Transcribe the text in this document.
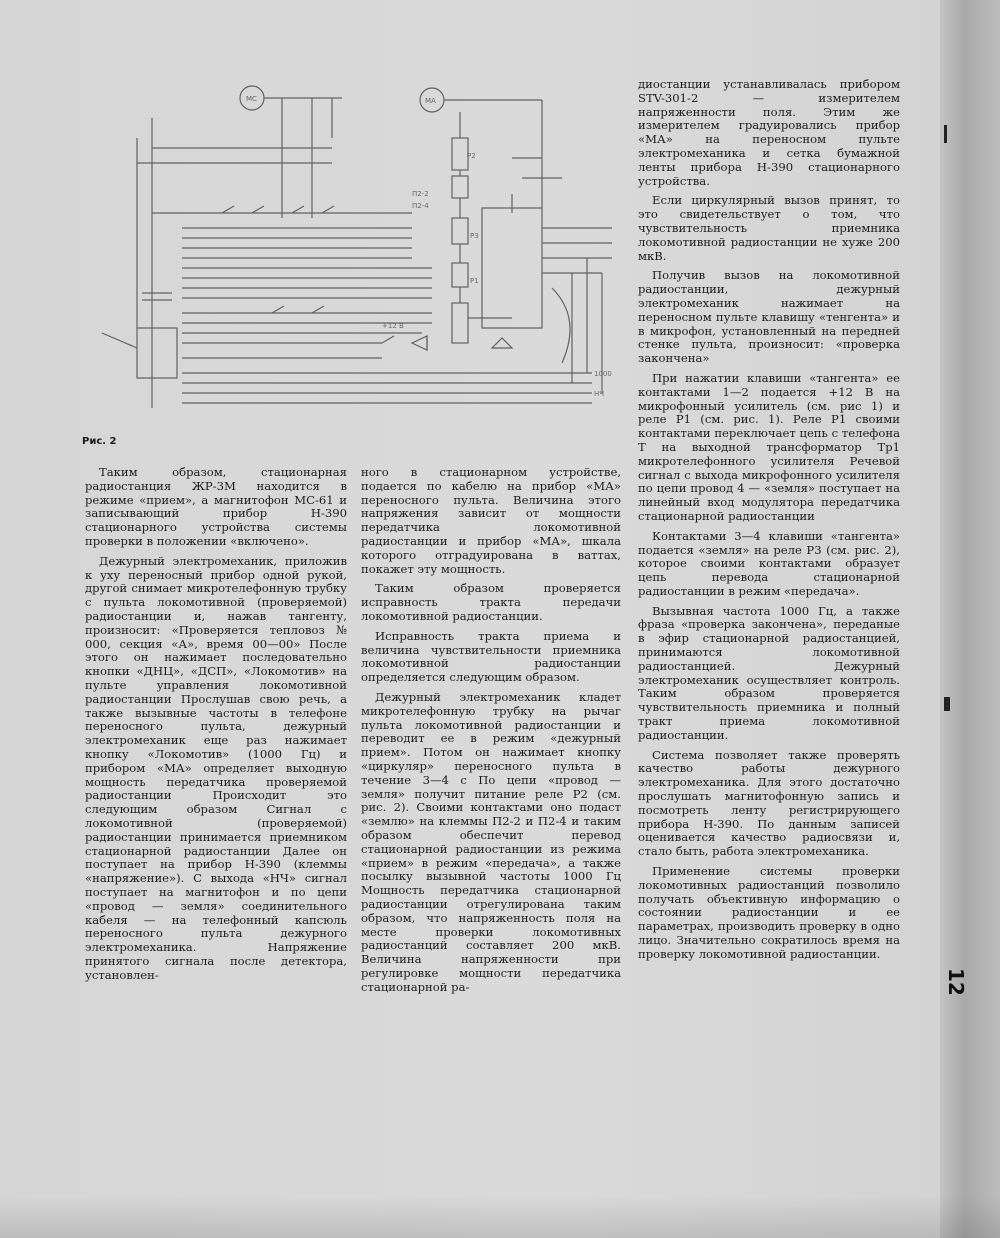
12
МС	МА
Р2
П2-2
П2-4
Р3
Р1
+12 В
1000
НЧ
Рис. 2

Таким образом, стационарная радиостанция ЖР-3М находится в режиме «прием», а магнитофон МС-61 и записывающий прибор Н-390 стационарного устройства системы проверки в положении «включено».

Дежурный электромеханик, приложив к уху переносный прибор одной рукой, другой снимает микротелефонную трубку с пульта локомотивной (проверяемой) радиостанции и, нажав тангенту, произносит: «Проверяется тепловоз № 000, секция «А», время 00—00» После этого он нажимает последовательно кнопки «ДНЦ», «ДСП», «Локомотив» на пульте управления локомотивной радиостанции Прослушав свою речь, а также вызывные частоты в телефоне переносного пульта, дежурный электромеханик еще раз нажимает кнопку «Локомотив» (1000 Гц) и прибором «МА» определяет выходную мощность передатчика проверяемой радиостанции Происходит это следующим образом Сигнал с локомотивной (проверяемой) радиостанции принимается приемником стационарной радиостанции Далее он поступает на прибор Н-390 (клеммы «напряжение»). С выхода «НЧ» сигнал поступает на магнитофон и по цепи «провод — земля» соединительного кабеля — на телефонный капсюль переносного пульта дежурного электромеханика. Напряжение принятого сигнала после детектора, установлен-

ного в стационарном устройстве, подается по кабелю на прибор «МА» переносного пульта. Величина этого напряжения зависит от мощности передатчика локомотивной радиостанции и прибор «МА», шкала которого отградуирована в ваттах, покажет эту мощность.

Таким образом проверяется исправность тракта передачи локомотивной радиостанции.

Исправность тракта приема и величина чувствительности приемника локомотивной радиостанции определяется следующим образом.

Дежурный электромеханик кладет микротелефонную трубку на рычаг пульта локомотивной радиостанции и переводит ее в режим «дежурный прием». Потом он нажимает кнопку «циркуляр» переносного пульта в течение 3—4 с По цепи «провод — земля» получит питание реле Р2 (см. рис. 2). Своими контактами оно подаст «землю» на клеммы П2-2 и П2-4 и таким образом обеспечит перевод стационарной радиостанции из режима «прием» в режим «передача», а также посылку вызывной частоты 1000 Гц Мощность передатчика стационарной радиостанции отрегулирована таким образом, что напряженность поля на месте проверки локомотивных радиостанций составляет 200 мкВ. Величина напряженности при регулировке мощности передатчика стационарной ра-

диостанции устанавливалась прибором STV-301-2 — измерителем напряженности поля. Этим же измерителем градуировались прибор «МА» на переносном пульте электромеханика и сетка бумажной ленты прибора Н-390 стационарного устройства.

Если циркулярный вызов принят, то это свидетельствует о том, что чувствительность приемника локомотивной радиостанции не хуже 200 мкВ.

Получив вызов на локомотивной радиостанции, дежурный электромеханик нажимает на переносном пульте клавишу «тенгента» и в микрофон, установленный на передней стенке пульта, произносит: «проверка закончена»

При нажатии клавиши «тангента» ее контактами 1—2 подается +12 В на микрофонный усилитель (см. рис 1) и реле Р1 (см. рис. 1). Реле Р1 своими контактами переключает цепь с телефона Т на выходной трансформатор Тр1 микротелефонного усилителя Речевой сигнал с выхода микрофонного усилителя по цепи провод 4 — «земля» поступает на линейный вход модулятора передатчика стационарной радиостанции

Контактами 3—4 клавиши «тангента» подается «земля» на реле Р3 (см. рис. 2), которое своими контактами образует цепь перевода стационарной радиостанции в режим «передача».

Вызывная частота 1000 Гц, а также фраза «проверка закончена», переданые в эфир стационарной радиостанцией, принимаются локомотивной радиостанцией. Дежурный электромеханик осуществляет контроль. Таким образом проверяется чувствительность приемника и полный тракт приема локомотивной радиостанции.

Система позволяет также проверять качество работы дежурного электромеханика. Для этого достаточно прослушать магнитофонную запись и посмотреть ленту регистрирующего прибора Н-390. По данным записей оценивается качество радиосвязи и, стало быть, работа электромеханика.

Применение системы проверки локомотивных радиостанций позволило получать объективную информацию о состоянии радиостанции и ее параметрах, производить проверку в одно лицо. Значительно сократилось время на проверку локомотивной радиостанции.
